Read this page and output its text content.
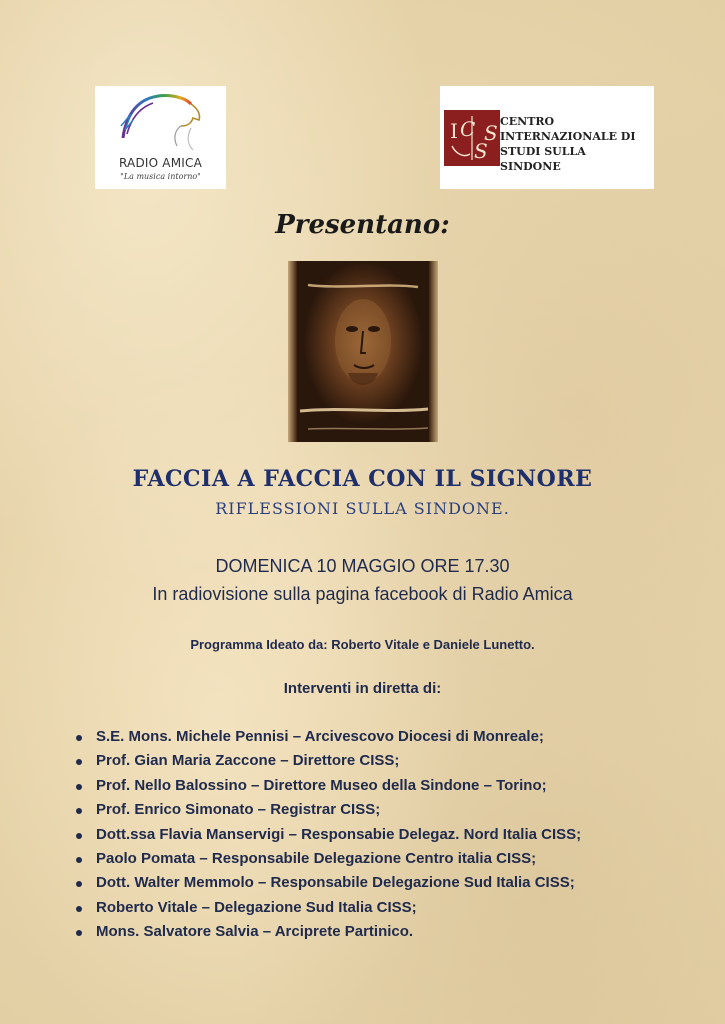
RADIO AMICA
"La musica intorno"
I C
S
S CENTRO
INTERNAZIONALE DI
STUDI SULLA SINDONE
Presentano:
FACCIA A FACCIA CON IL SIGNORE
RIFLESSIONI SULLA SINDONE.
DOMENICA 10 MAGGIO ORE 17.30
In radiovisione sulla pagina facebook di Radio Amica
Programma Ideato da: Roberto Vitale e Daniele Lunetto.
Interventi in diretta di:
S.E. Mons. Michele Pennisi – Arcivescovo Diocesi di Monreale;
Prof. Gian Maria Zaccone – Direttore CISS;
Prof. Nello Balossino – Direttore Museo della Sindone – Torino;
Prof. Enrico Simonato – Registrar CISS;
Dott.ssa Flavia Manservigi – Responsabie Delegaz. Nord Italia CISS;
Paolo Pomata – Responsabile Delegazione Centro italia CISS;
Dott. Walter Memmolo – Responsabile Delegazione Sud Italia CISS;
Roberto Vitale – Delegazione Sud Italia CISS;
Mons. Salvatore Salvia – Arciprete Partinico.
